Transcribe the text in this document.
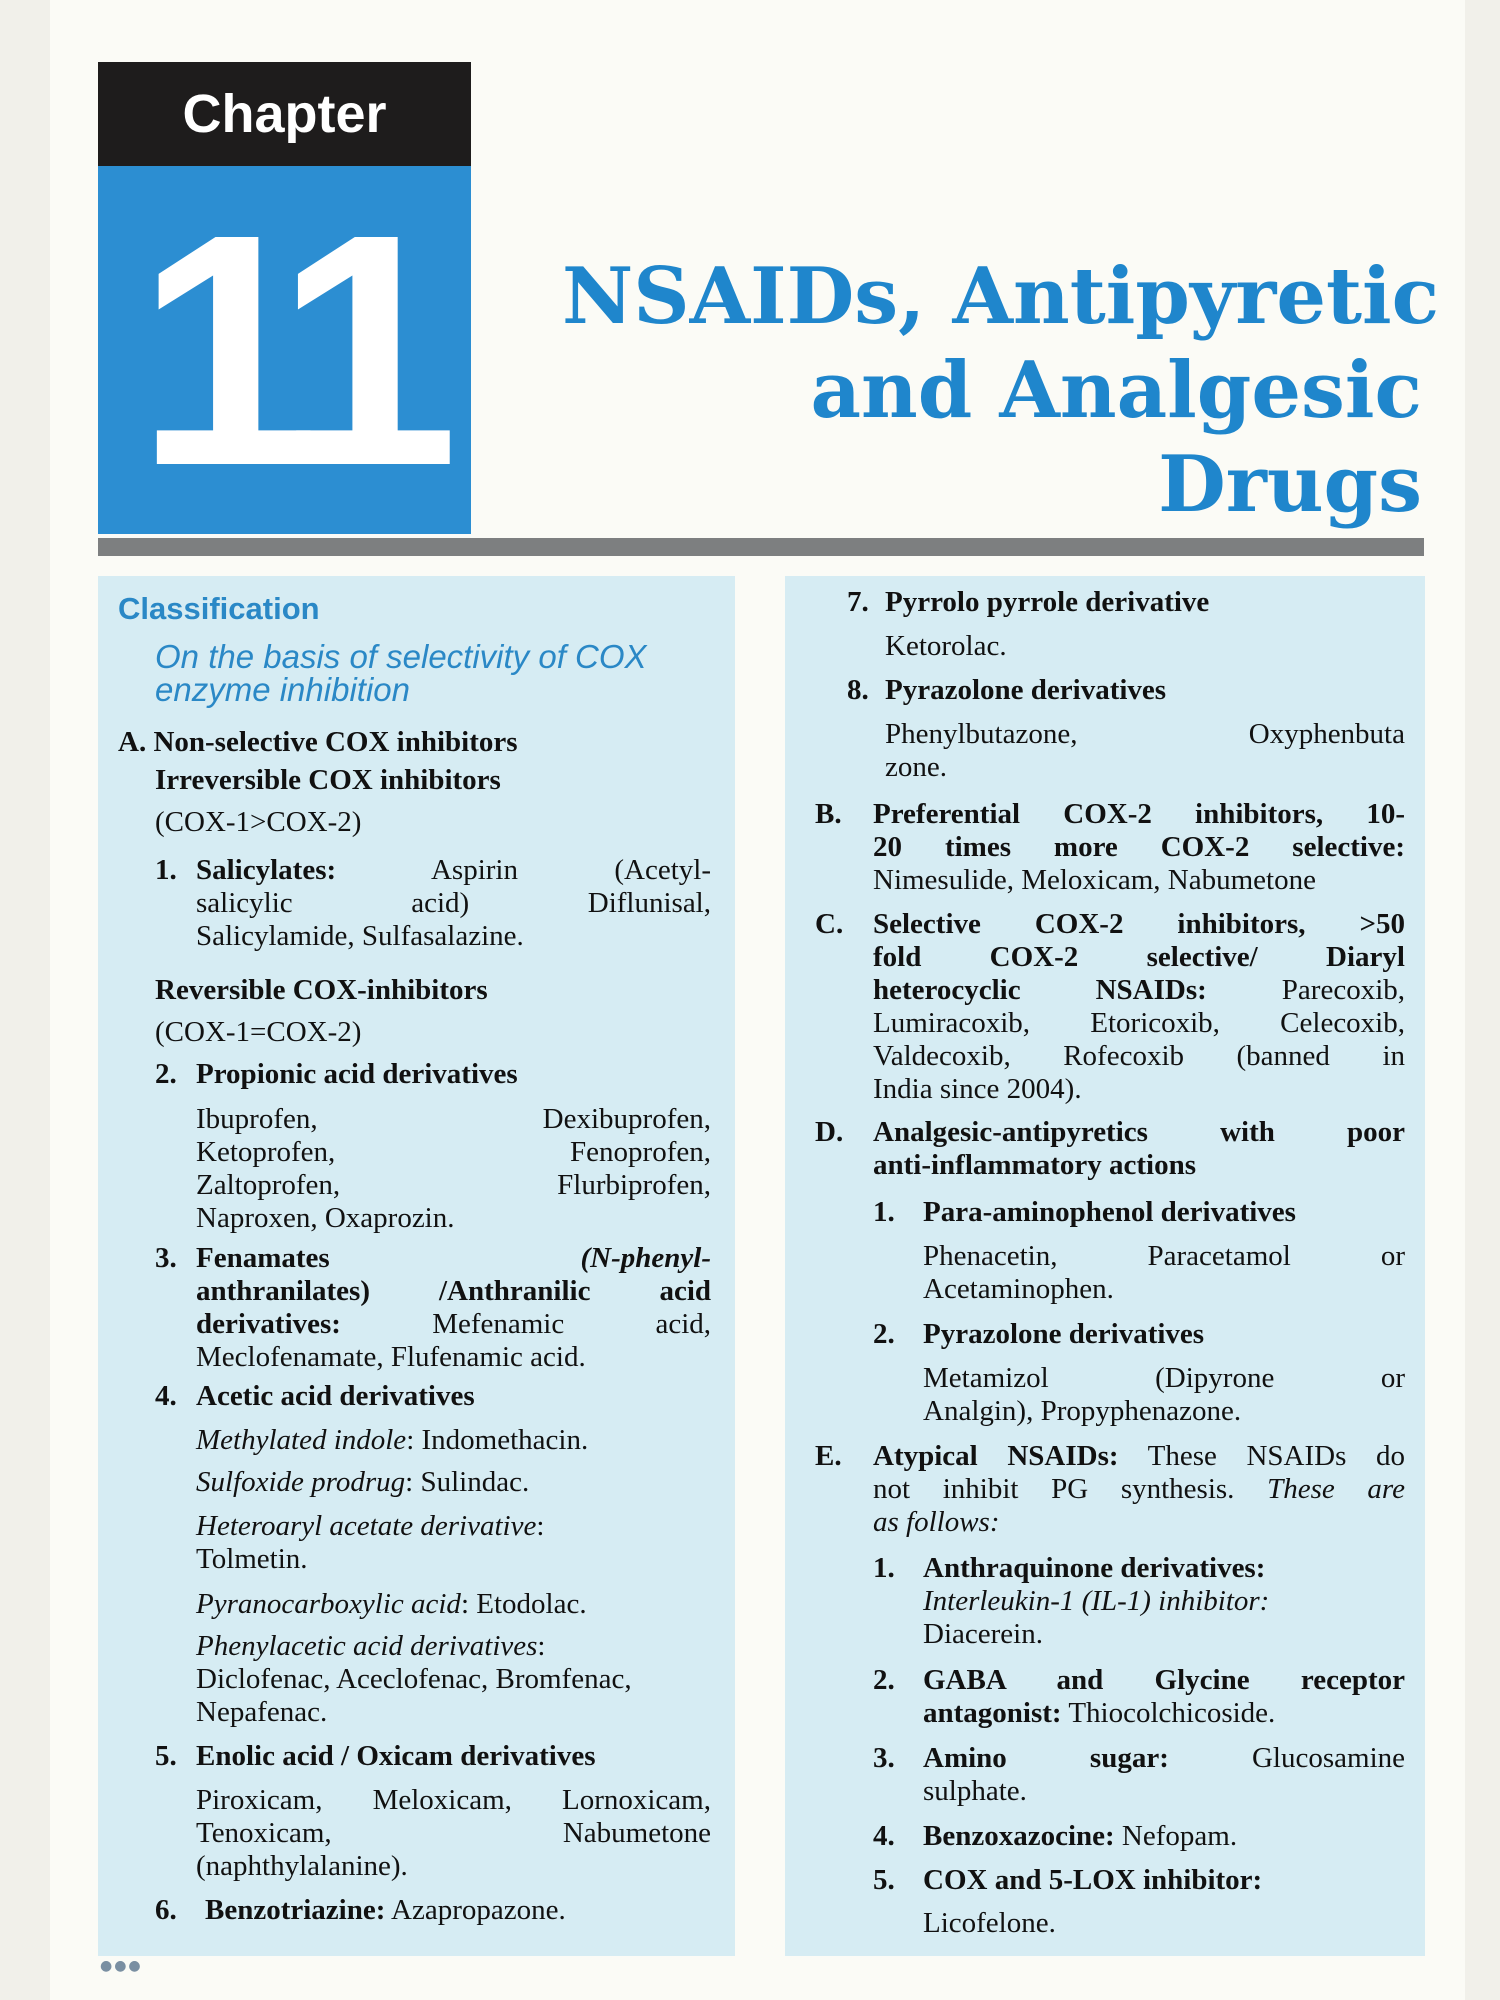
Chapter
11	NSAIDs, Antipyretic
and Analgesic
Drugs
Classification
On the basis of selectivity of COX
enzyme inhibition
A. Non-selective COX inhibitors
Irreversible COX inhibitors
(COX-1>COX-2)
1. Salicylates:	Aspirin (Acetyl-
salicylic acid) Diflunisal,
Salicylamide, Sulfasalazine.
Reversible COX-inhibitors
(COX-1=COX-2)
2. Propionic acid derivatives
Ibuprofen, Dexibuprofen,
Ketoprofen, Fenoprofen,
Zaltoprofen, Flurbiprofen,
Naproxen, Oxaprozin.
3. Fenamates	(N-phenyl-
anthranilates) /Anthranilic acid
derivatives:	Mefenamic acid,
Meclofenamate, Flufenamic acid.
4. Acetic acid derivatives
Methylated indole: Indomethacin.
Sulfoxide prodrug: Sulindac.
Heteroaryl acetate derivative:
Tolmetin.
Pyranocarboxylic acid: Etodolac.
Phenylacetic acid derivatives:
Diclofenac, Aceclofenac, Bromfenac,
Nepafenac.
5. Enolic acid / Oxicam derivatives
Piroxicam, Meloxicam, Lornoxicam,
Tenoxicam, Nabumetone
(naphthylalanine).
6. Benzotriazine: Azapropazone.
7. Pyrrolo pyrrole derivative
Ketorolac.
8. Pyrazolone derivatives
Phenylbutazone, Oxyphenbuta
zone.
B. Preferential COX-2 inhibitors, 10-
20 times more COX-2 selective:
Nimesulide, Meloxicam, Nabumetone
C. Selective COX-2 inhibitors, >50
fold COX-2 selective/ Diaryl
heterocyclic NSAIDs:	Parecoxib,
Lumiracoxib, Etoricoxib, Celecoxib,
Valdecoxib, Rofecoxib (banned in
India since 2004).
D. Analgesic-antipyretics with poor
anti-inflammatory actions
1. Para-aminophenol derivatives
Phenacetin, Paracetamol or
Acetaminophen.
2. Pyrazolone derivatives
Metamizol (Dipyrone or
Analgin), Propyphenazone.
E. Atypical NSAIDs: These NSAIDs do
not inhibit PG synthesis. These are
as follows:
1. Anthraquinone derivatives:
Interleukin-1 (IL-1) inhibitor:
Diacerein.
2. GABA and Glycine receptor
antagonist: Thiocolchicoside.
3. Amino sugar:	Glucosamine
sulphate.
4. Benzoxazocine: Nefopam.
5. COX and 5-LOX inhibitor:
Licofelone.
●●●
